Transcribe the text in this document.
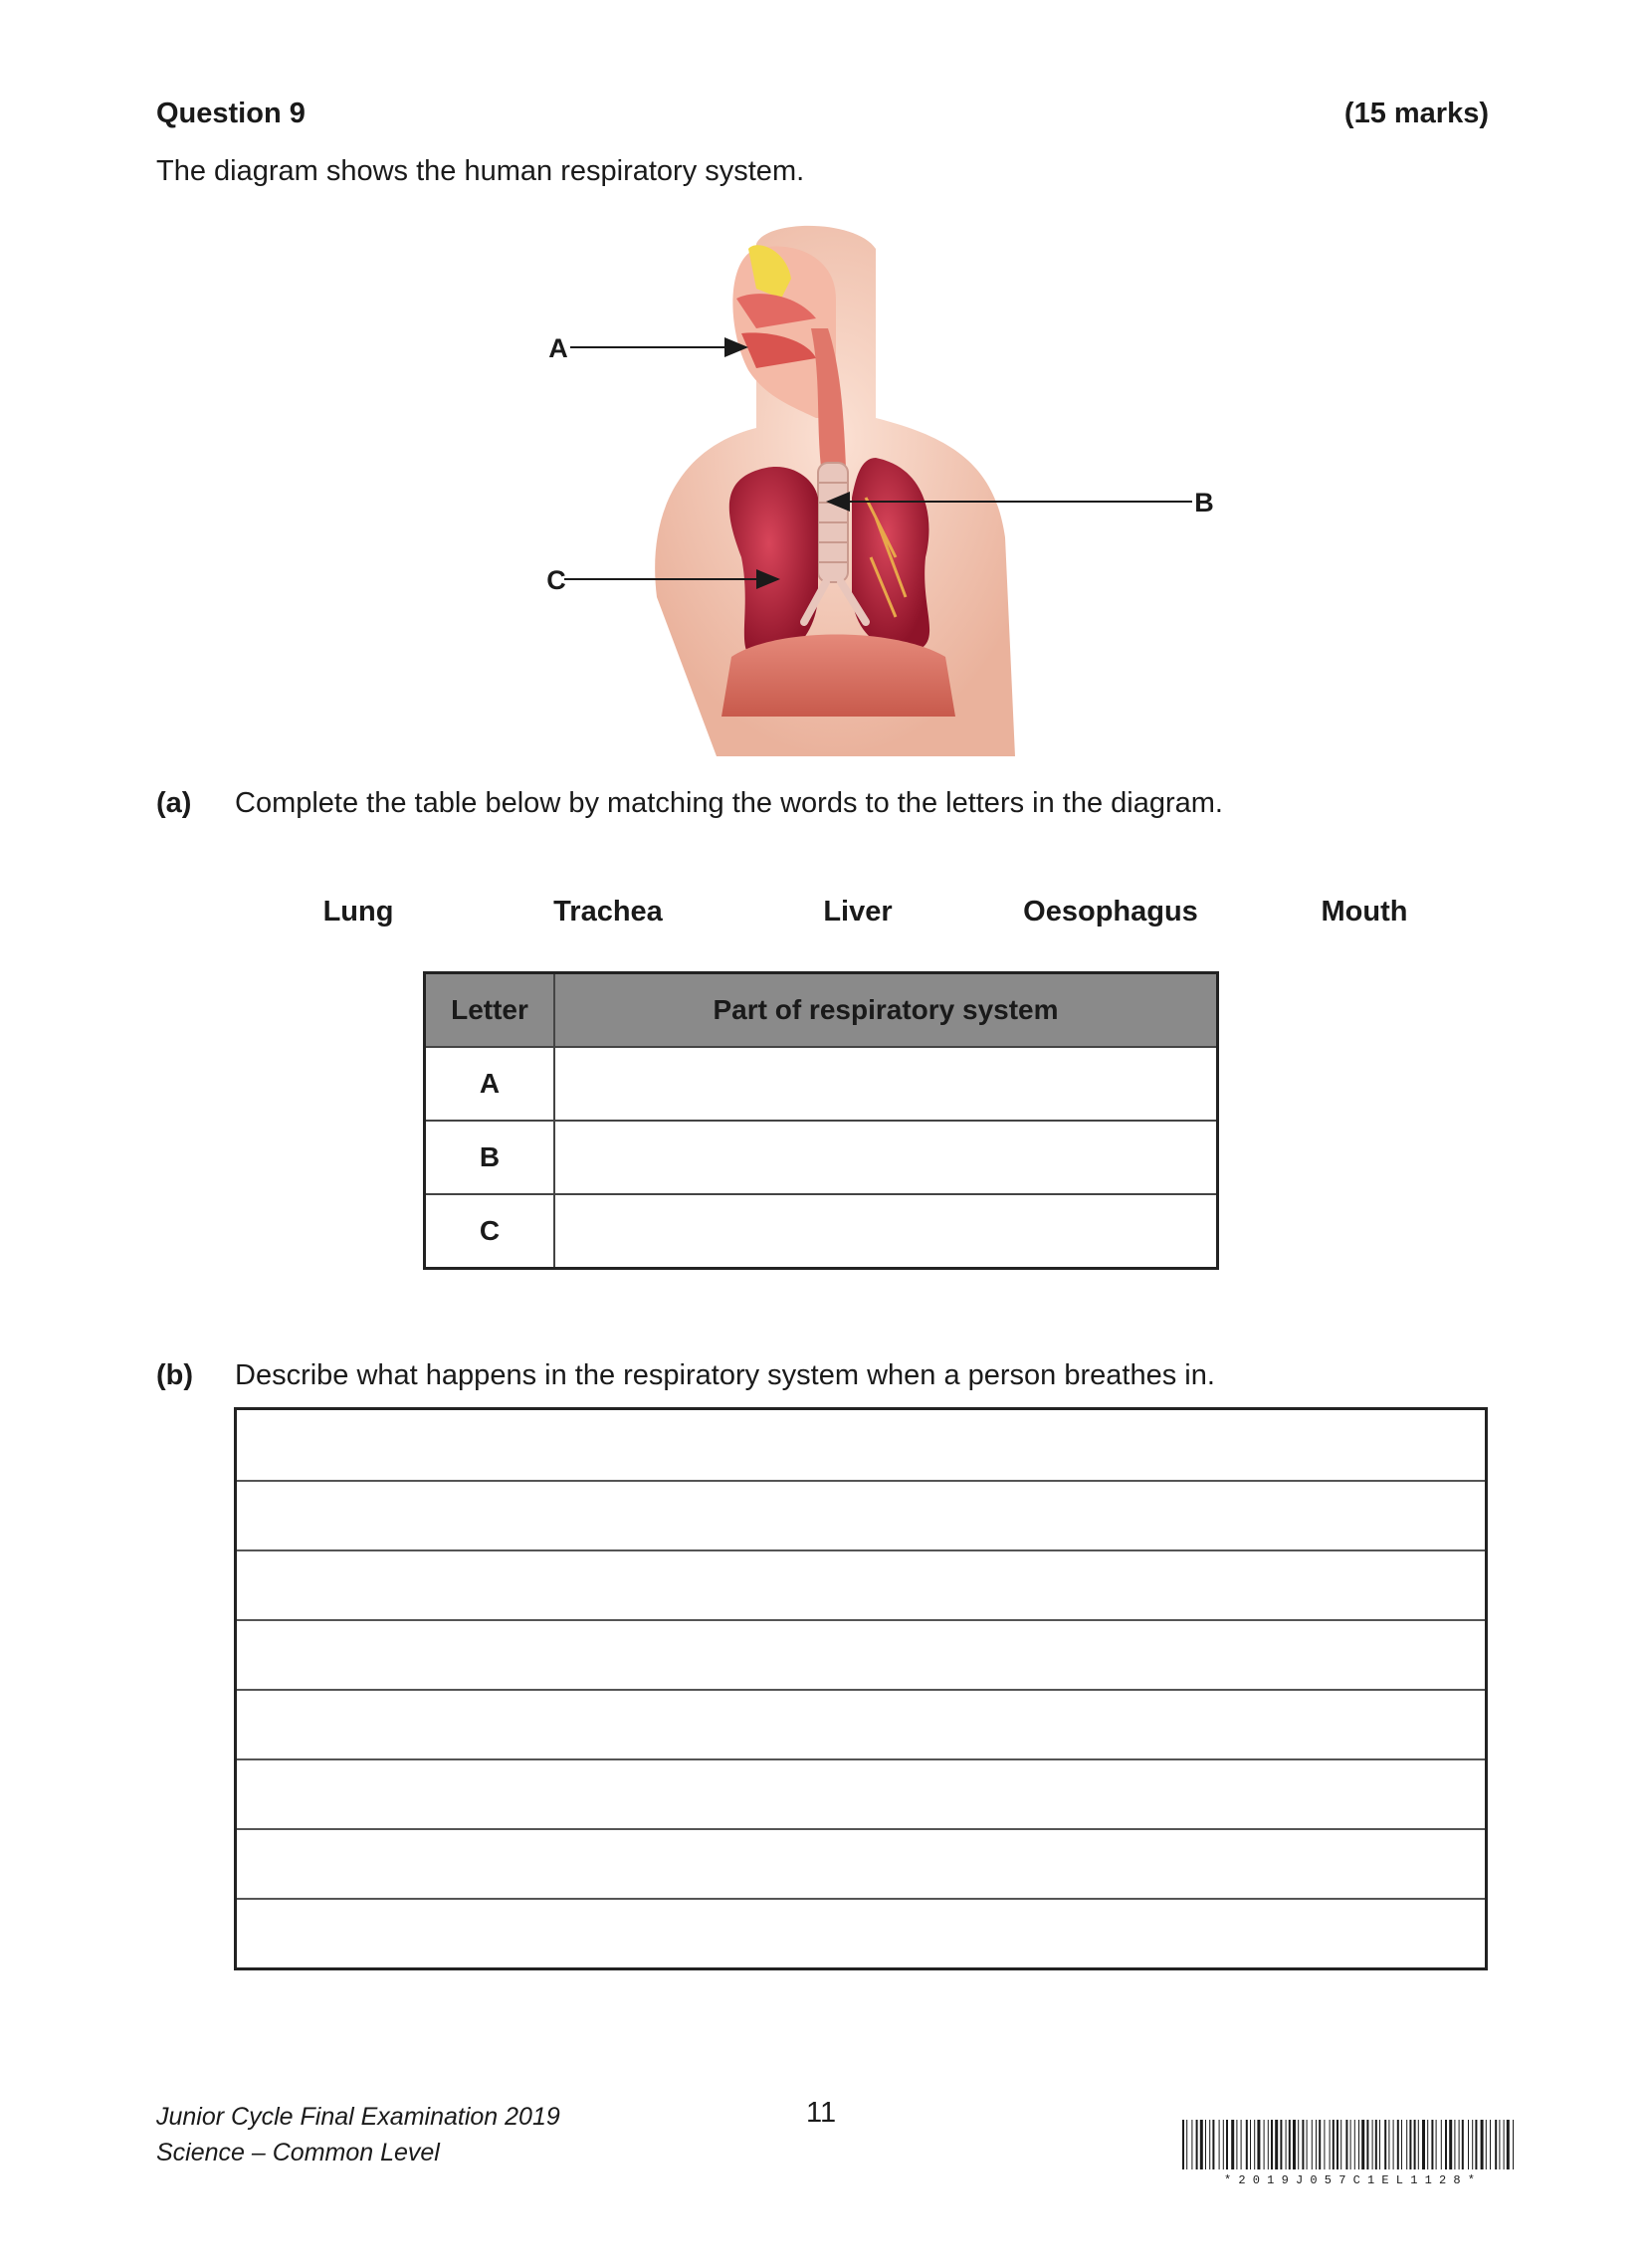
Question 9	(15 marks)
The diagram shows the human respiratory system.
A
B
C
(a) Complete the table below by matching the words to the letters in the diagram.
Lung	Trachea	Liver	Oesophagus	Mouth
Letter	Part of respiratory system
A	
B	
C	
(b) Describe what happens in the respiratory system when a person breathes in.
Junior Cycle Final Examination 2019
Science – Common Level
11
* 2 0 1 9 J 0 5 7 C 1 E L 1 1 2 8 *
